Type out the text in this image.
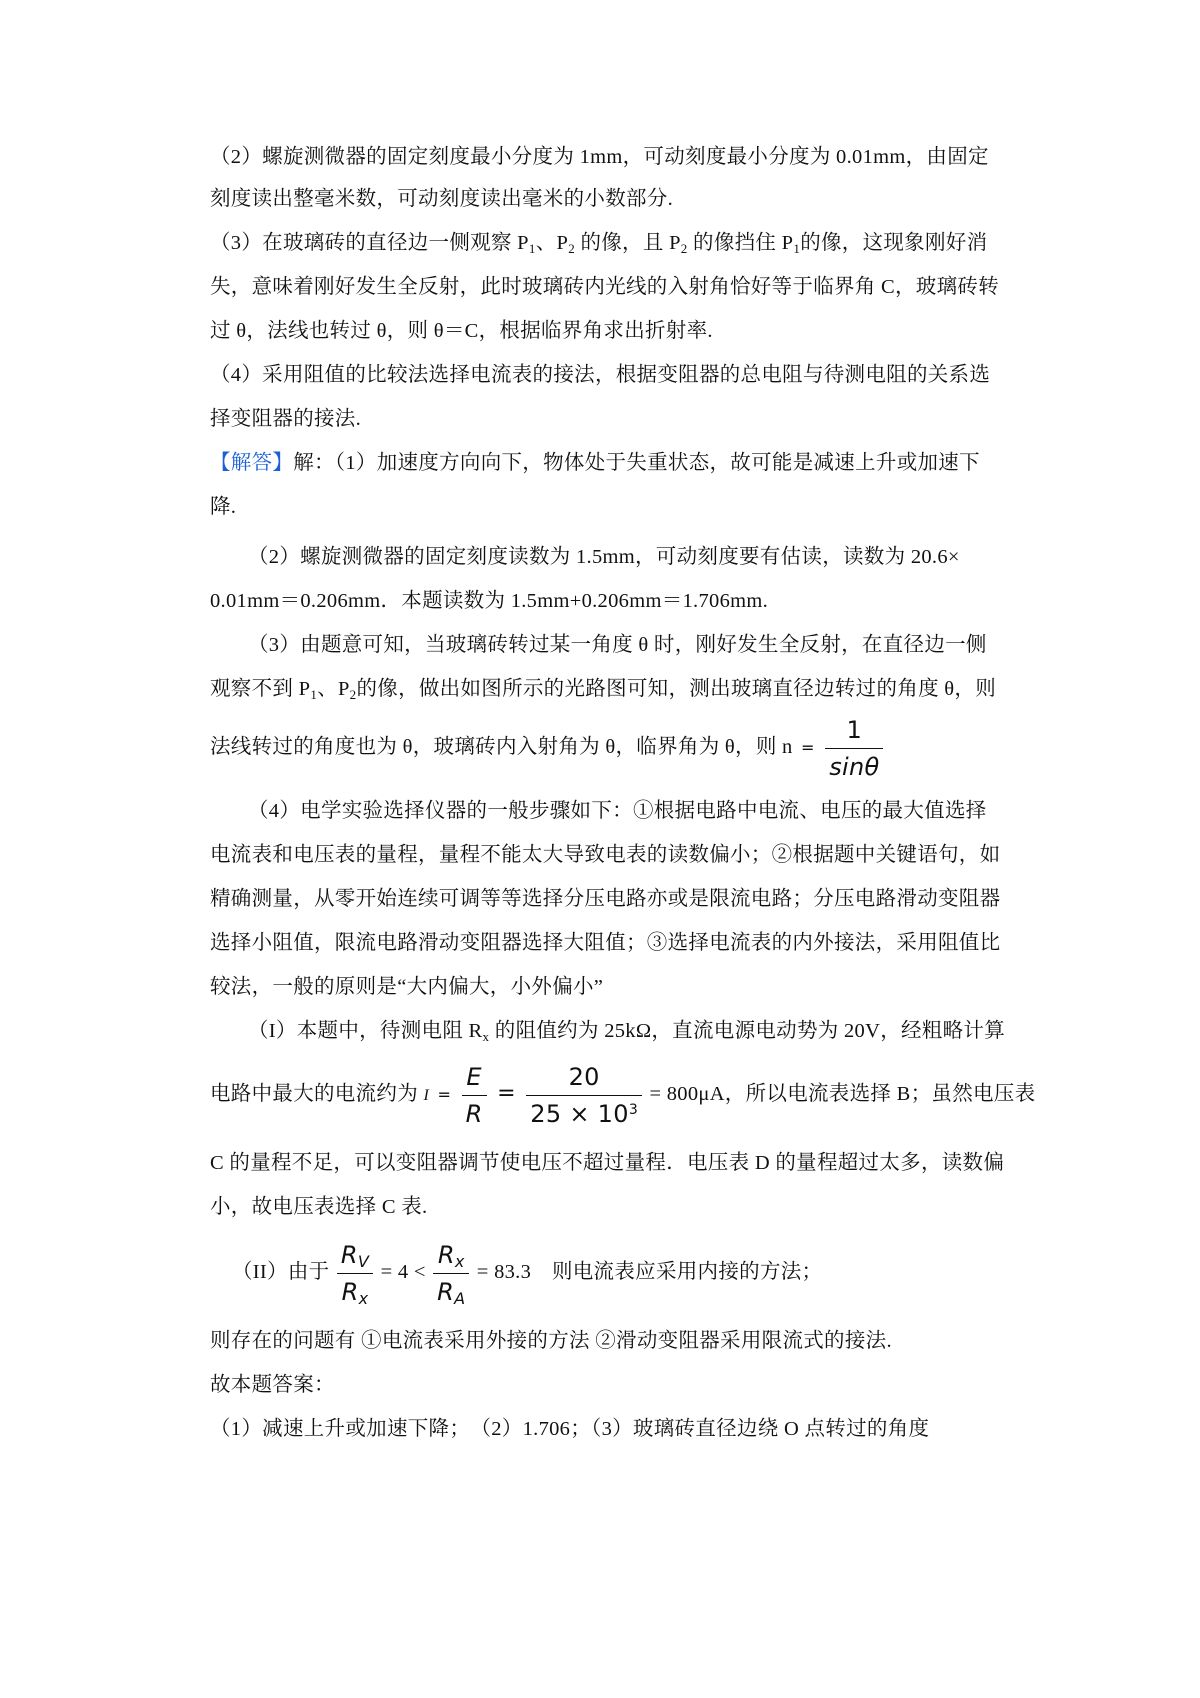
（2）螺旋测微器的固定刻度最小分度为 1mm，可动刻度最小分度为 0.01mm，由固定
刻度读出整毫米数，可动刻度读出毫米的小数部分.
（3）在玻璃砖的直径边一侧观察 $P_1$、$P_2$ 的像，且 $P_2$ 的像挡住 $P_1$的像，这现象刚好消
失，意味着刚好发生全反射，此时玻璃砖内光线的入射角恰好等于临界角 C，玻璃砖转
过 θ，法线也转过 θ，则 θ＝C，根据临界角求出折射率.
（4）采用阻值的比较法选择电流表的接法，根据变阻器的总电阻与待测电阻的关系选
择变阻器的接法.
【解答】解：（1）加速度方向向下，物体处于失重状态，故可能是减速上升或加速下
降.
（2）螺旋测微器的固定刻度读数为 1.5mm，可动刻度要有估读，读数为 20.6×
0.01mm＝0.206mm．本题读数为 1.5mm+0.206mm＝1.706mm.
（3）由题意可知，当玻璃砖转过某一角度 θ 时，刚好发生全反射，在直径边一侧
观察不到 $P_1$、$P_2$的像，做出如图所示的光路图可知，测出玻璃直径边转过的角度 θ，则
法线转过的角度也为 θ，玻璃砖内入射角为 θ，临界角为 θ，则 $n = \frac{1}{\sin\theta}$
（4）电学实验选择仪器的一般步骤如下：①根据电路中电流、电压的最大值选择
电流表和电压表的量程，量程不能太大导致电表的读数偏小；②根据题中关键语句，如
精确测量，从零开始连续可调等等选择分压电路亦或是限流电路；分压电路滑动变阻器
选择小阻值，限流电路滑动变阻器选择大阻值；③选择电流表的内外接法，采用阻值比
较法，一般的原则是“大内偏大，小外偏小”
（I）本题中，待测电阻 $R_x$ 的阻值约为 25kΩ，直流电源电动势为 20V，经粗略计算
电路中最大的电流约为 $I = \frac{E}{R} = \frac{20}{25 \times 10^3} = 800\mu A$，所以电流表选择 B；虽然电压表
C 的量程不足，可以变阻器调节使电压不超过量程．电压表 D 的量程超过太多，读数偏
小，故电压表选择 C 表.
（II）由于 $\frac{R_V}{R_x} = 4 < \frac{R_x}{R_A} = 83.3$　则电流表应采用内接的方法；
则存在的问题有 ①电流表采用外接的方法 ②滑动变阻器采用限流式的接法.
故本题答案：
（1）减速上升或加速下降；　（2）1.706；（3）玻璃砖直径边绕 O 点转过的角度
